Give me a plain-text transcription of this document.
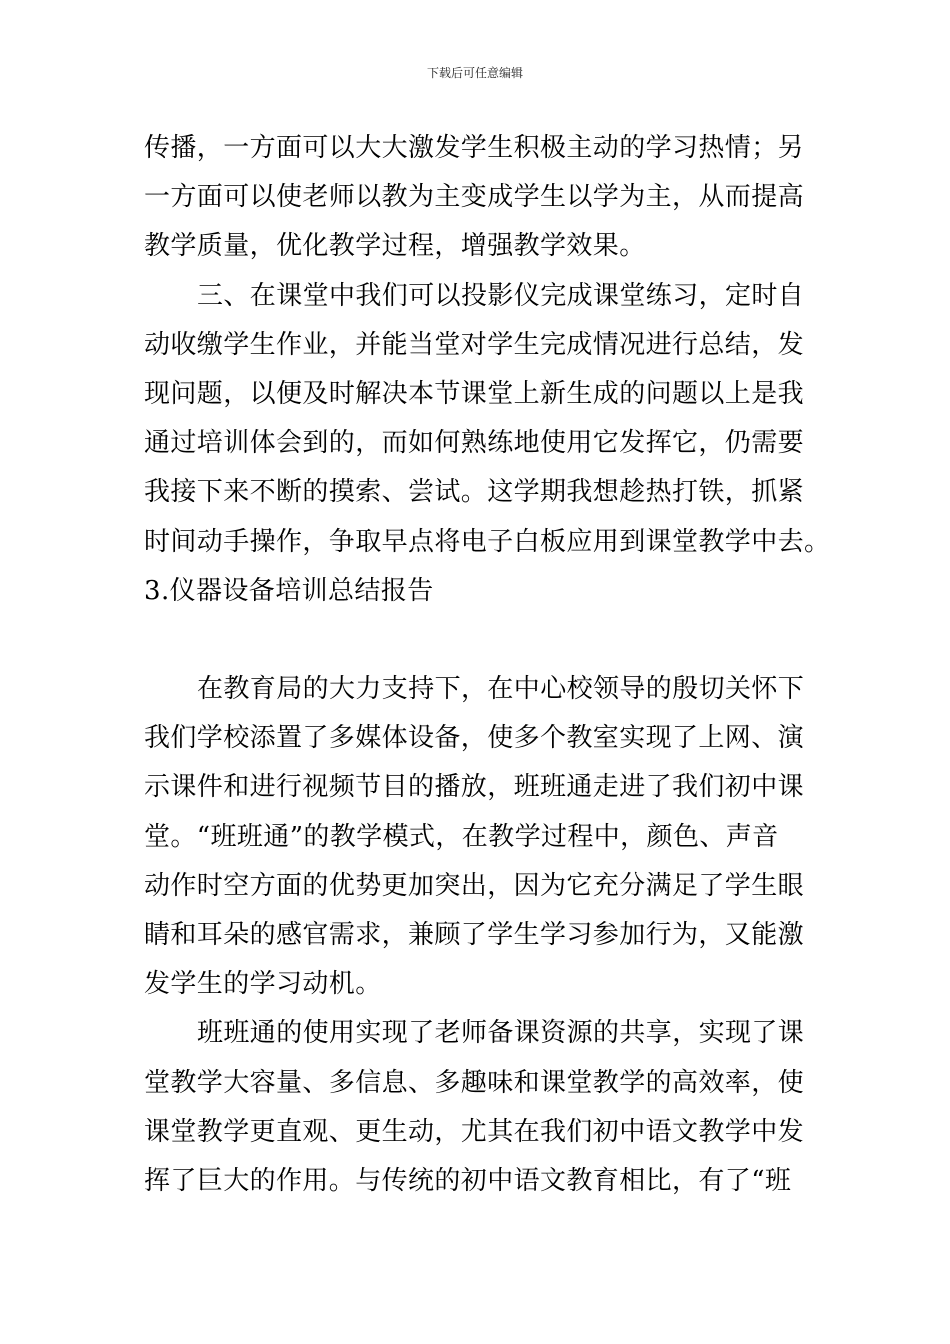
下载后可任意编辑
传播，一方面可以大大激发学生积极主动的学习热情；另
一方面可以使老师以教为主变成学生以学为主，从而提高
教学质量，优化教学过程，增强教学效果。
三、在课堂中我们可以投影仪完成课堂练习，定时自
动收缴学生作业，并能当堂对学生完成情况进行总结，发
现问题，以便及时解决本节课堂上新生成的问题以上是我
通过培训体会到的，而如何熟练地使用它发挥它，仍需要
我接下来不断的摸索、尝试。这学期我想趁热打铁，抓紧
时间动手操作，争取早点将电子白板应用到课堂教学中去。
3.仪器设备培训总结报告
在教育局的大力支持下，在中心校领导的殷切关怀下
我们学校添置了多媒体设备，使多个教室实现了上网、演
示课件和进行视频节目的播放，班班通走进了我们初中课
堂。“班班通”的教学模式，在教学过程中，颜色、声音
动作时空方面的优势更加突出，因为它充分满足了学生眼
睛和耳朵的感官需求，兼顾了学生学习参加行为，又能激
发学生的学习动机。
班班通的使用实现了老师备课资源的共享，实现了课
堂教学大容量、多信息、多趣味和课堂教学的高效率，使
课堂教学更直观、更生动，尤其在我们初中语文教学中发
挥了巨大的作用。与传统的初中语文教育相比，有了“班
